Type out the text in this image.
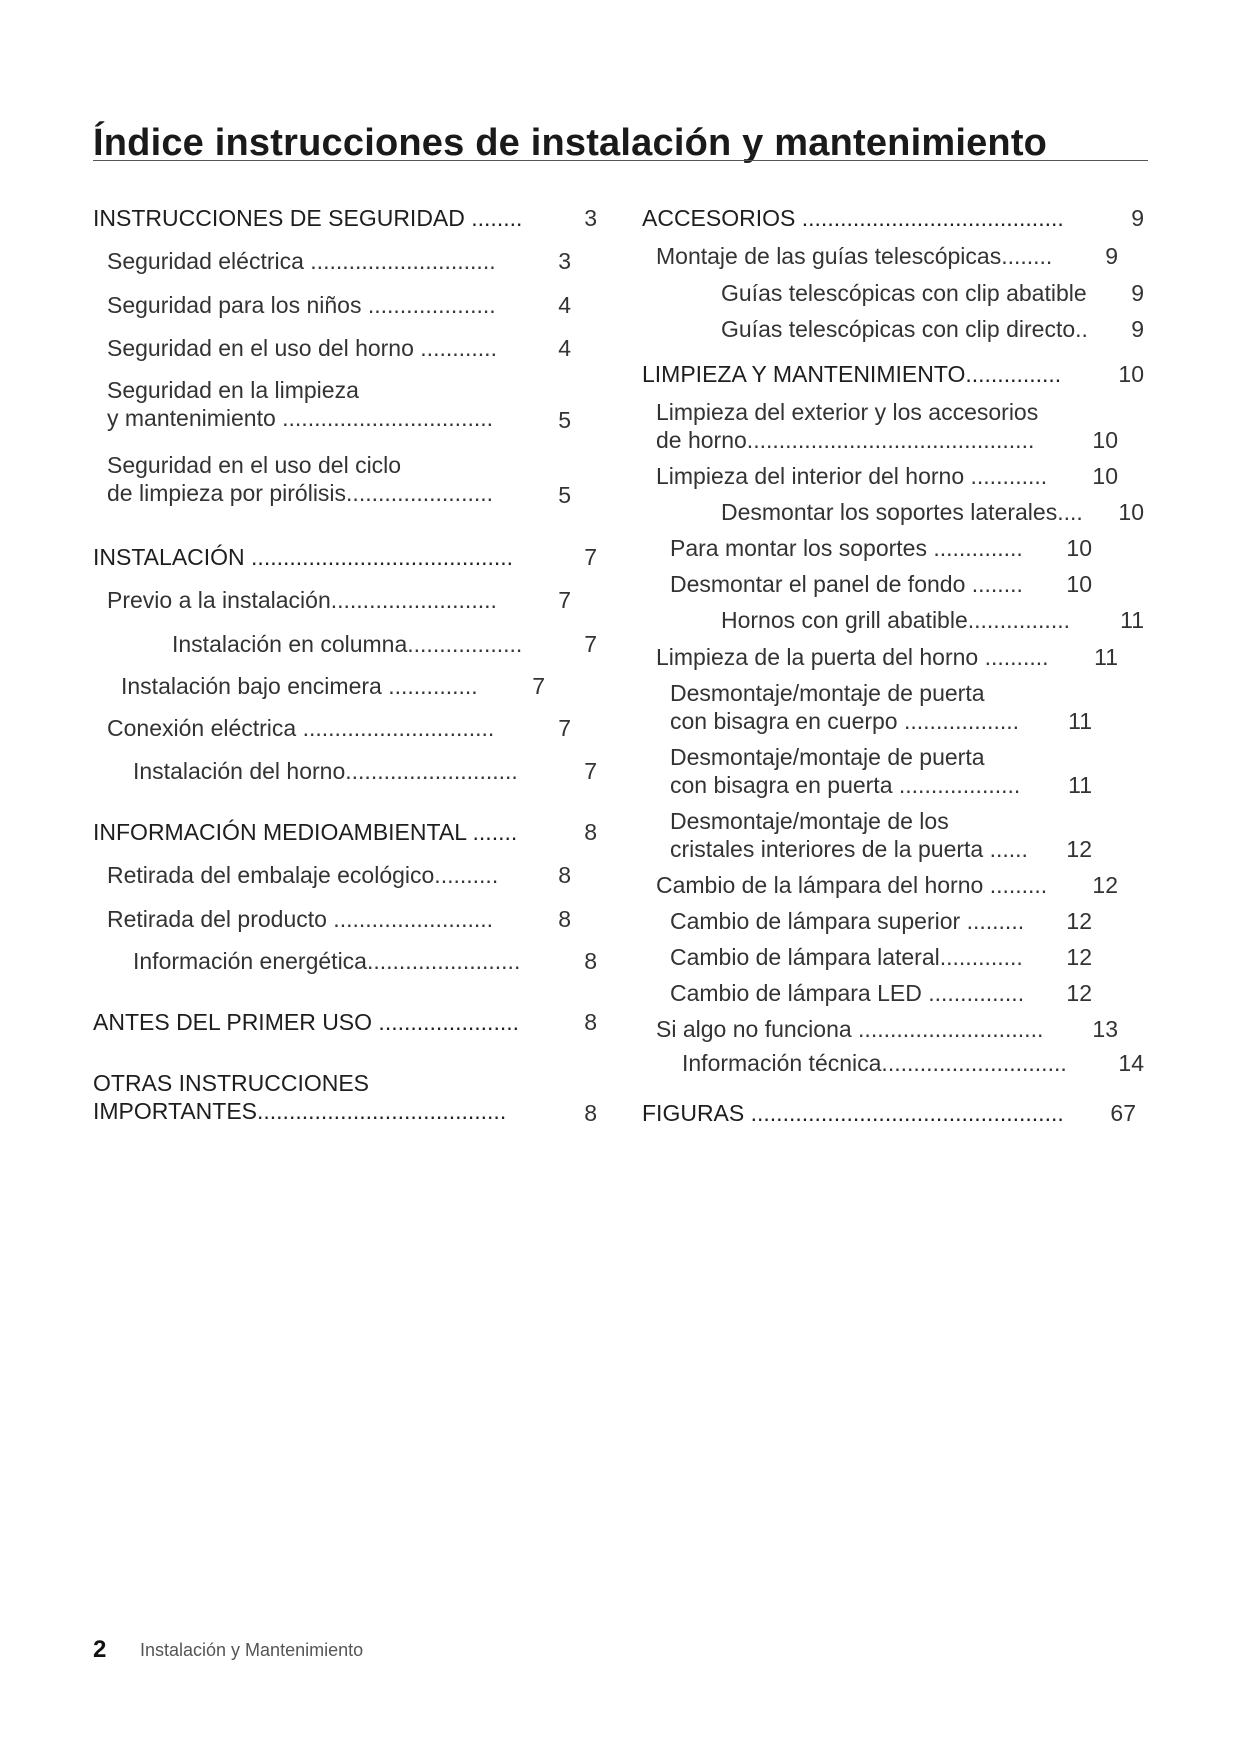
Índice instrucciones de instalación y mantenimiento
INSTRUCCIONES DE SEGURIDAD ........	3
Seguridad eléctrica .............................	3
Seguridad para los niños ....................	4
Seguridad en el uso del horno ............	4
Seguridad en la limpieza
y mantenimiento .................................	5
Seguridad en el uso del ciclo
de limpieza por pirólisis.......................	5
INSTALACIÓN .........................................	7
Previo a la instalación..........................	7
Instalación en columna..................	7
Instalación bajo encimera ..............	7
Conexión eléctrica ..............................	7
Instalación del horno...........................	7
INFORMACIÓN MEDIOAMBIENTAL .......	8
Retirada del embalaje ecológico..........	8
Retirada del producto .........................	8
Información energética........................	8
ANTES DEL PRIMER USO ......................	8
OTRAS INSTRUCCIONES
IMPORTANTES.......................................	8
ACCESORIOS .........................................	9
Montaje de las guías telescópicas........	9
Guías telescópicas con clip abatible	9
Guías telescópicas con clip directo..	9
LIMPIEZA Y MANTENIMIENTO...............	10
Limpieza del exterior y los accesorios
de horno.............................................	10
Limpieza del interior del horno ............	10
Desmontar los soportes laterales....	10
Para montar los soportes ..............	10
Desmontar el panel de fondo ........	10
Hornos con grill abatible................	11
Limpieza de la puerta del horno ..........	11
Desmontaje/montaje de puerta
con bisagra en cuerpo ..................	11
Desmontaje/montaje de puerta
con bisagra en puerta ...................	11
Desmontaje/montaje de los
cristales interiores de la puerta ......	12
Cambio de la lámpara del horno .........	12
Cambio de lámpara superior .........	12
Cambio de lámpara lateral.............	12
Cambio de lámpara LED ...............	12
Si algo no funciona .............................	13
Información técnica.............................	14
FIGURAS .................................................	67
2 Instalación y Mantenimiento
